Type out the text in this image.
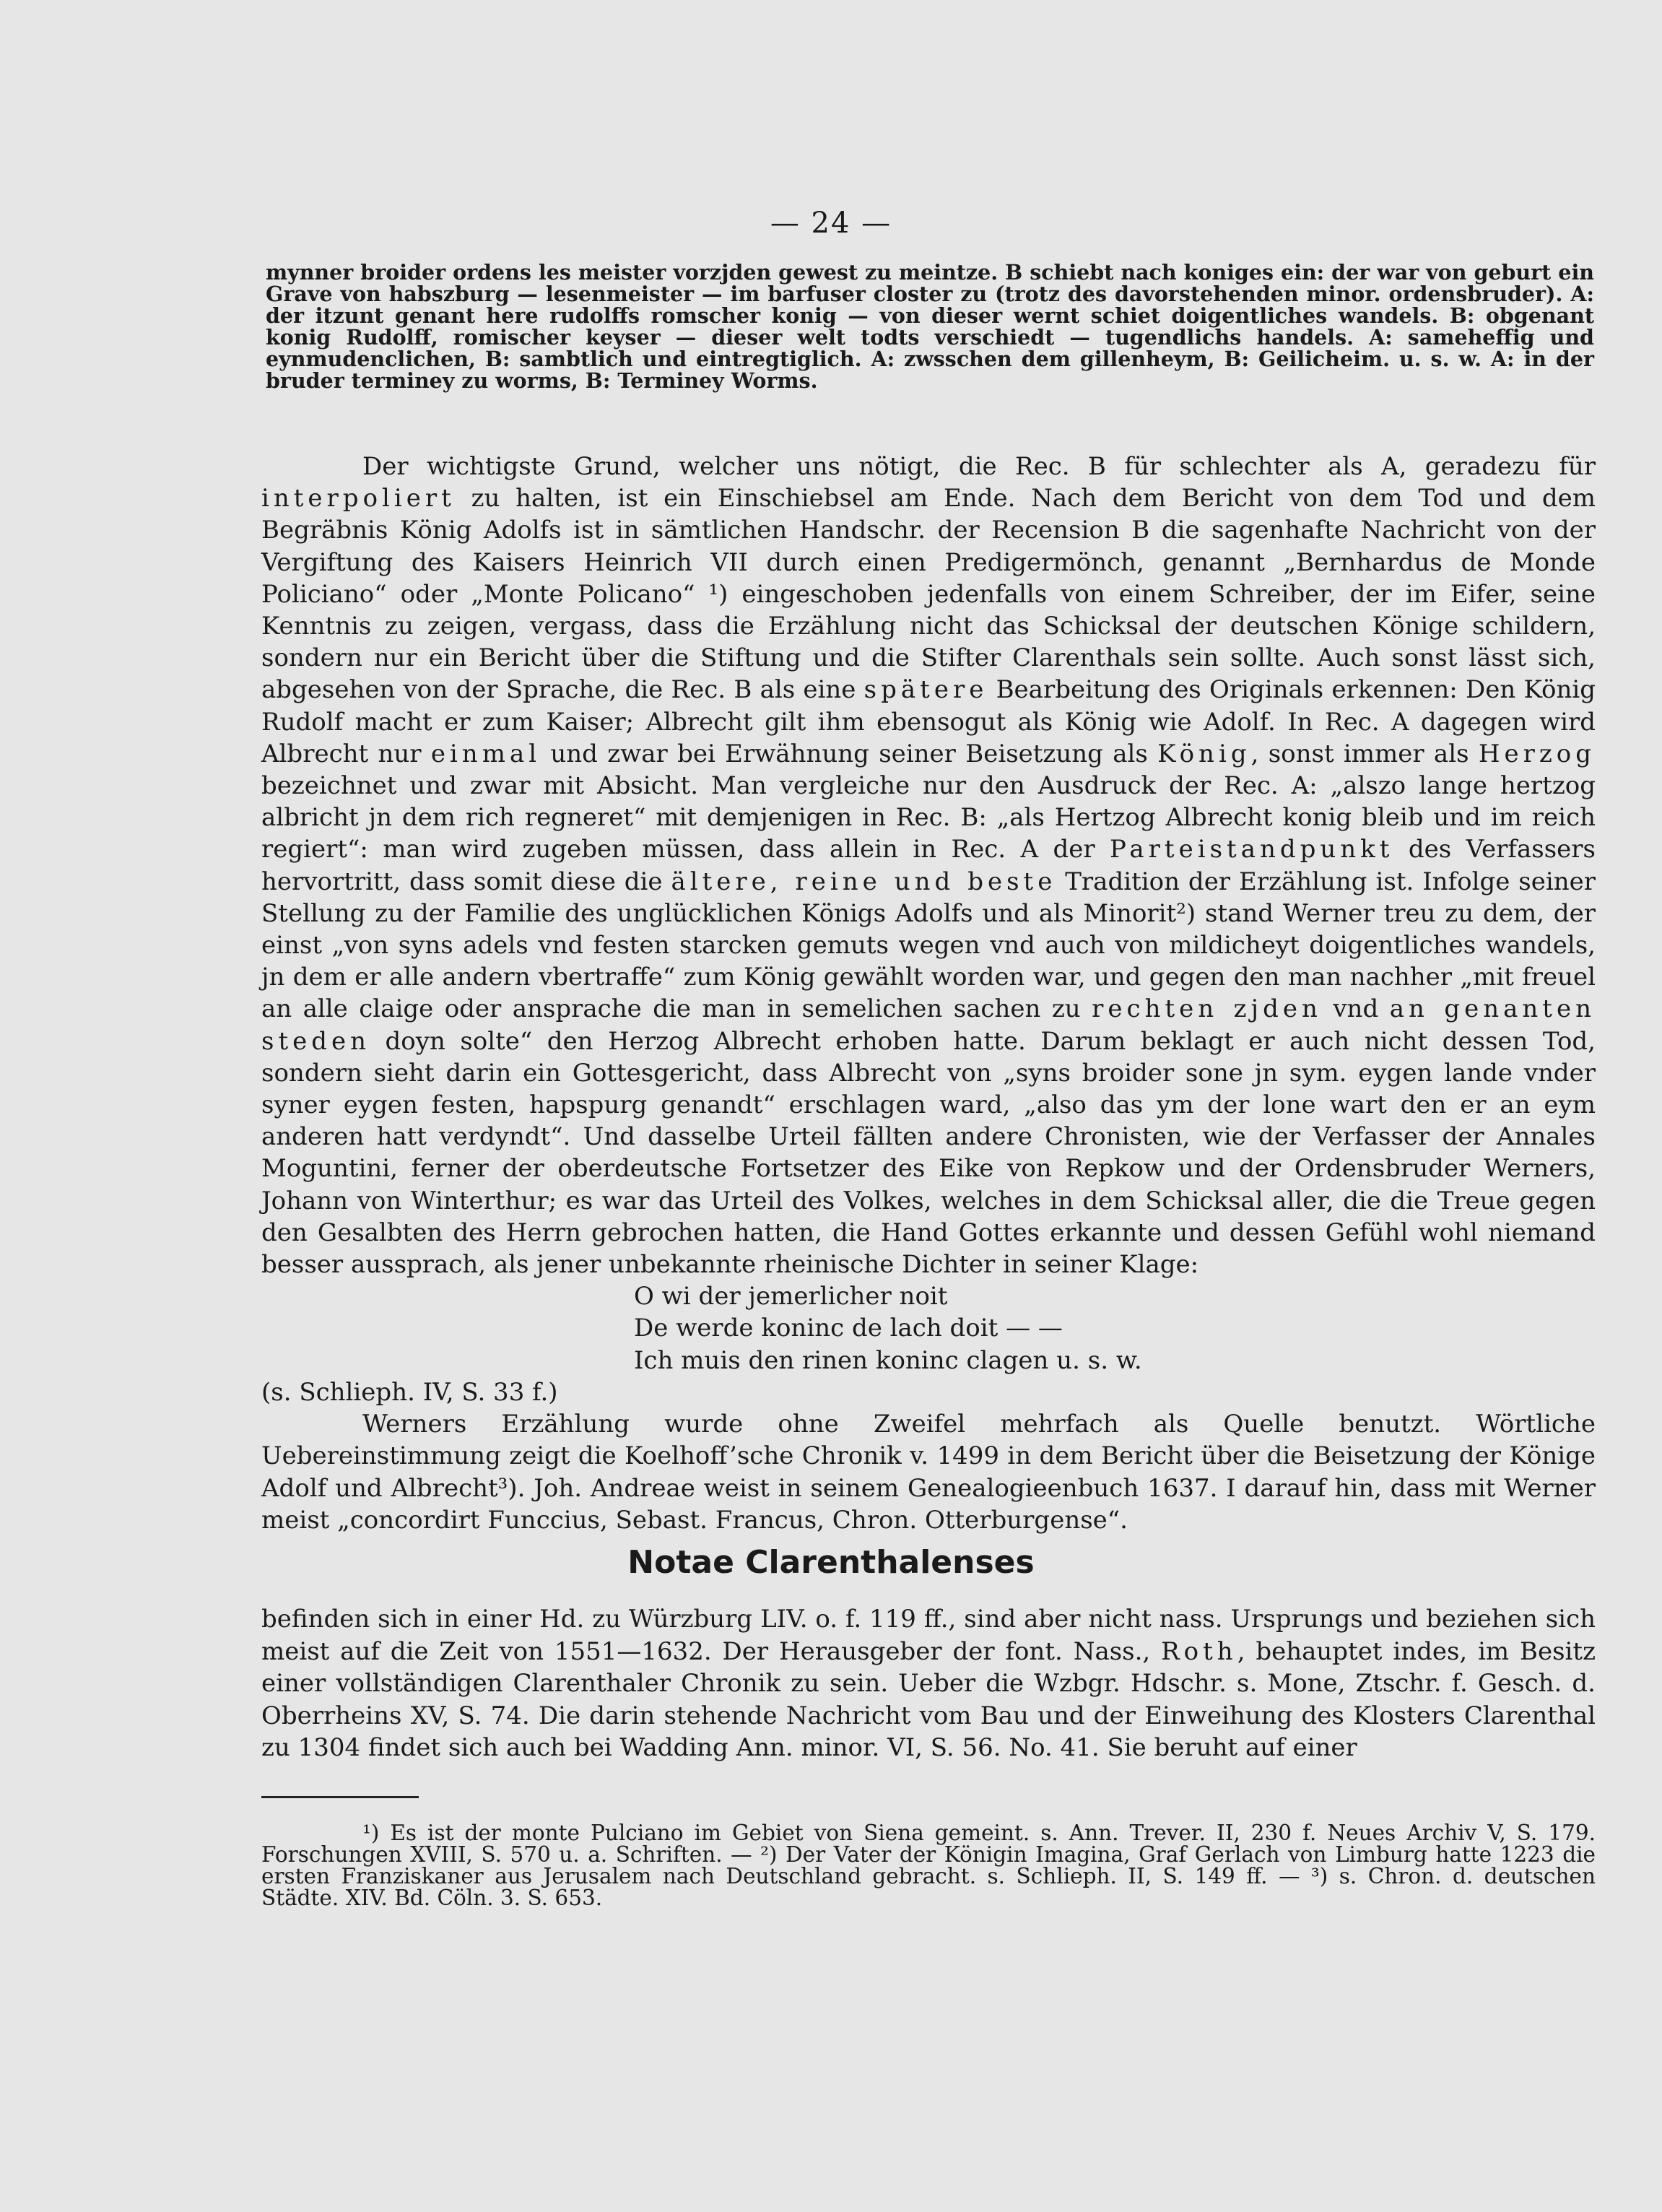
— 24 —
mynner broider ordens les meister vorzjden gewest zu meintze. B schiebt nach koniges ein: der war von geburt ein Grave von habszburg — lesenmeister — im barfuser closter zu (trotz des davorstehenden minor. ordensbruder). A: der itzunt genant here rudolffs romscher konig — von dieser wernt schiet doigentliches wandels. B: obgenant konig Rudolff, romischer keyser — dieser welt todts verschiedt — tugendlichs handels. A: sameheffig und eynmudenclichen, B: sambtlich und eintregtiglich. A: zwsschen dem gillenheym, B: Geilicheim. u. s. w. A: in der bruder terminey zu worms, B: Terminey Worms.

Der wichtigste Grund, welcher uns nötigt, die Rec. B für schlechter als A, geradezu für interpoliert zu halten, ist ein Einschiebsel am Ende. Nach dem Bericht von dem Tod und dem Begräbnis König Adolfs ist in sämtlichen Handschr. der Recension B die sagenhafte Nachricht von der Vergiftung des Kaisers Heinrich VII durch einen Predigermönch, genannt „Bernhardus de Monde Policiano“ oder „Monte Policano“ ¹) eingeschoben jedenfalls von einem Schreiber, der im Eifer, seine Kenntnis zu zeigen, vergass, dass die Erzählung nicht das Schicksal der deutschen Könige schildern, sondern nur ein Bericht über die Stiftung und die Stifter Clarenthals sein sollte. Auch sonst lässt sich, abgesehen von der Sprache, die Rec. B als eine spätere Bearbeitung des Originals erkennen: Den König Rudolf macht er zum Kaiser; Albrecht gilt ihm ebensogut als König wie Adolf. In Rec. A dagegen wird Albrecht nur einmal und zwar bei Erwähnung seiner Beisetzung als König, sonst immer als Herzog bezeichnet und zwar mit Absicht. Man vergleiche nur den Ausdruck der Rec. A: „alszo lange hertzog albricht jn dem rich regneret“ mit demjenigen in Rec. B: „als Hertzog Albrecht konig bleib und im reich regiert“: man wird zugeben müssen, dass allein in Rec. A der Parteistandpunkt des Verfassers hervortritt, dass somit diese die ältere, reine und beste Tradition der Erzählung ist. Infolge seiner Stellung zu der Familie des unglücklichen Königs Adolfs und als Minorit²) stand Werner treu zu dem, der einst „von syns adels vnd festen starcken gemuts wegen vnd auch von mildicheyt doigentliches wandels, jn dem er alle andern vbertraffe“ zum König gewählt worden war, und gegen den man nachher „mit freuel an alle claige oder ansprache die man in semelichen sachen zu rechten zjden vnd an genanten steden doyn solte“ den Herzog Albrecht erhoben hatte. Darum beklagt er auch nicht dessen Tod, sondern sieht darin ein Gottesgericht, dass Albrecht von „syns broider sone jn sym. eygen lande vnder syner eygen festen, hapspurg genandt“ erschlagen ward, „also das ym der lone wart den er an eym anderen hatt verdyndt“. Und dasselbe Urteil fällten andere Chronisten, wie der Verfasser der Annales Moguntini, ferner der oberdeutsche Fortsetzer des Eike von Repkow und der Ordensbruder Werners, Johann von Winterthur; es war das Urteil des Volkes, welches in dem Schicksal aller, die die Treue gegen den Gesalbten des Herrn gebrochen hatten, die Hand Gottes erkannte und dessen Gefühl wohl niemand besser aussprach, als jener unbekannte rheinische Dichter in seiner Klage:

O wi der jemerlicher noit
De werde koninc de lach doit — —
Ich muis den rinen koninc clagen u. s. w.

(s. Schlieph. IV, S. 33 f.)

Werners Erzählung wurde ohne Zweifel mehrfach als Quelle benutzt. Wörtliche Uebereinstimmung zeigt die Koelhoff’sche Chronik v. 1499 in dem Bericht über die Beisetzung der Könige Adolf und Albrecht³). Joh. Andreae weist in seinem Genealogieenbuch 1637. I darauf hin, dass mit Werner meist „concordirt Funccius, Sebast. Francus, Chron. Otterburgense“.

Notae Clarenthalenses
befinden sich in einer Hd. zu Würzburg LIV. o. f. 119 ff., sind aber nicht nass. Ursprungs und beziehen sich meist auf die Zeit von 1551—1632. Der Herausgeber der font. Nass., Roth, behauptet indes, im Besitz einer vollständigen Clarenthaler Chronik zu sein. Ueber die Wzbgr. Hdschr. s. Mone, Ztschr. f. Gesch. d. Oberrheins XV, S. 74. Die darin stehende Nachricht vom Bau und der Einweihung des Klosters Clarenthal zu 1304 findet sich auch bei Wadding Ann. minor. VI, S. 56. No. 41. Sie beruht auf einer

¹) Es ist der monte Pulciano im Gebiet von Siena gemeint. s. Ann. Trever. II, 230 f. Neues Archiv V, S. 179. Forschungen XVIII, S. 570 u. a. Schriften. — ²) Der Vater der Königin Imagina, Graf Gerlach von Limburg hatte 1223 die ersten Franziskaner aus Jerusalem nach Deutschland gebracht. s. Schlieph. II, S. 149 ff. — ³) s. Chron. d. deutschen Städte. XIV. Bd. Cöln. 3. S. 653.
